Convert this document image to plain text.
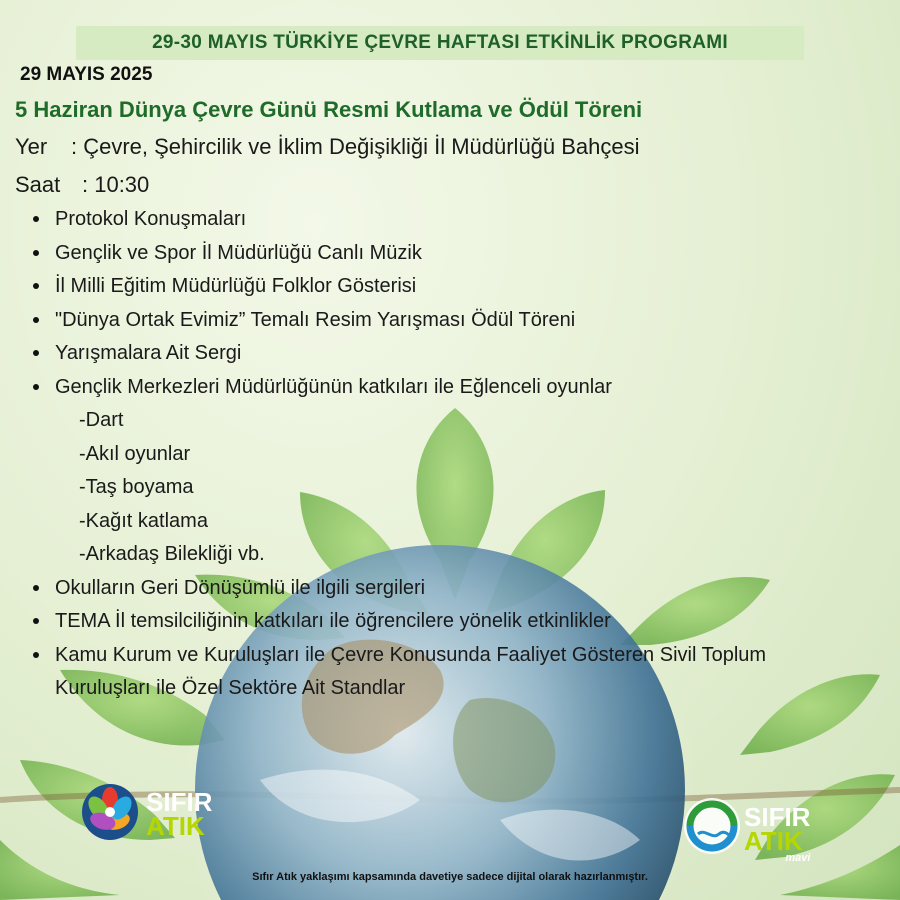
29-30 MAYIS TÜRKİYE ÇEVRE HAFTASI ETKİNLİK PROGRAMI
29 MAYIS 2025
5 Haziran Dünya Çevre Günü Resmi Kutlama ve Ödül Töreni
Yer : Çevre, Şehircilik ve İklim Değişikliği İl Müdürlüğü Bahçesi
Saat : 10:30
Protokol Konuşmaları
Gençlik ve Spor İl Müdürlüğü Canlı Müzik
İl Milli Eğitim Müdürlüğü Folklor Gösterisi
"Dünya Ortak Evimiz” Temalı Resim Yarışması Ödül Töreni
Yarışmalara Ait Sergi
Gençlik Merkezleri Müdürlüğünün katkıları ile Eğlenceli oyunlar
-Dart
-Akıl oyunlar
-Taş boyama
-Kağıt katlama
-Arkadaş Bilekliği vb.
Okulların Geri Dönüşümlü ile ilgili sergileri
TEMA İl temsilciliğinin katkıları ile öğrencilere yönelik etkinlikler
Kamu Kurum ve Kuruluşları ile Çevre Konusunda Faaliyet Gösteren Sivil Toplum Kuruluşları ile Özel Sektöre Ait Standlar
SIFIR
ATIK	SIFIR
ATIK
mavi
Sıfır Atık yaklaşımı kapsamında davetiye sadece dijital olarak hazırlanmıştır.
